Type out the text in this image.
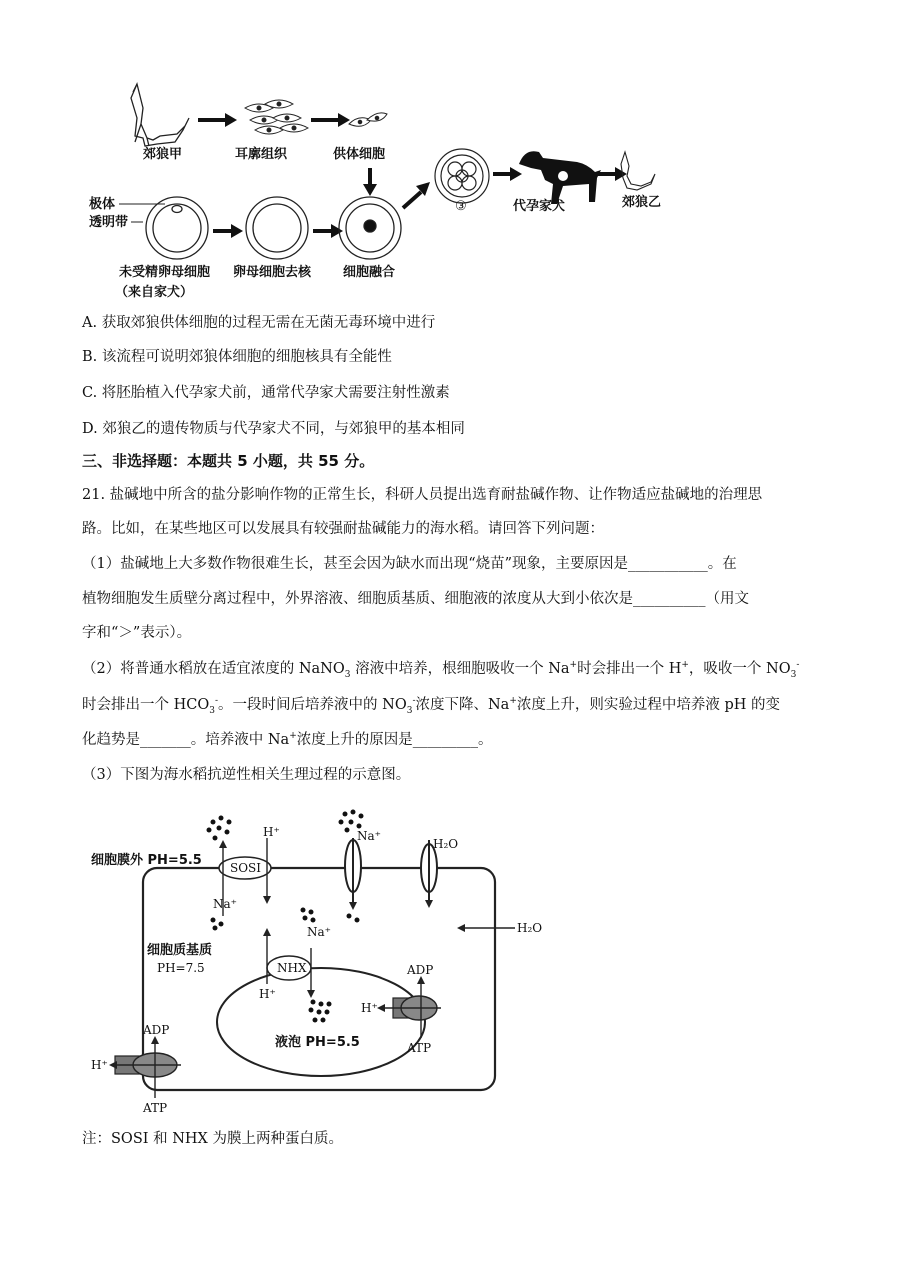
郊狼甲	耳廓组织	供体细胞
极体
透明带
未受精卵母细胞
（来自家犬）
卵母细胞去核 细胞融合
③	代孕家犬	郊狼乙
A. 获取郊狼供体细胞的过程无需在无菌无毒环境中进行
B. 该流程可说明郊狼体细胞的细胞核具有全能性
C. 将胚胎植入代孕家犬前，通常代孕家犬需要注射性激素
D. 郊狼乙的遗传物质与代孕家犬不同，与郊狼甲的基本相同
三、非选择题：本题共 5 小题，共 55 分。
21. 盐碱地中所含的盐分影响作物的正常生长，科研人员提出选育耐盐碱作物、让作物适应盐碱地的治理思
路。比如，在某些地区可以发展具有较强耐盐碱能力的海水稻。请回答下列问题：
（1）盐碱地上大多数作物很难生长，甚至会因为缺水而出现“烧苗”现象，主要原因是___________。在
植物细胞发生质壁分离过程中，外界溶液、细胞质基质、细胞液的浓度从大到小依次是__________（用文
字和“＞”表示）。
（2）将普通水稻放在适宜浓度的 NaNO$_3$ 溶液中培养，根细胞吸收一个 Na+时会排出一个 H+，吸收一个 $NO_3^-$
时会排出一个 $HCO_3^-$。一段时间后培养液中的 $NO_3^-$浓度下降、Na+浓度上升，则实验过程中培养液 pH 的变
化趋势是_______。培养液中 Na+浓度上升的原因是_________。
（3）下图为海水稻抗逆性相关生理过程的示意图。
细胞膜外 PH=5.5 SOSI
H⁺
Na⁺
Na⁺
Na⁺
H₂O
H₂O
细胞质基质
PH=7.5	NHX
H⁺
液泡 PH=5.5
H⁺
ADP
ATP
H⁺
ADP
ATP
注：SOSI 和 NHX 为膜上两种蛋白质。
